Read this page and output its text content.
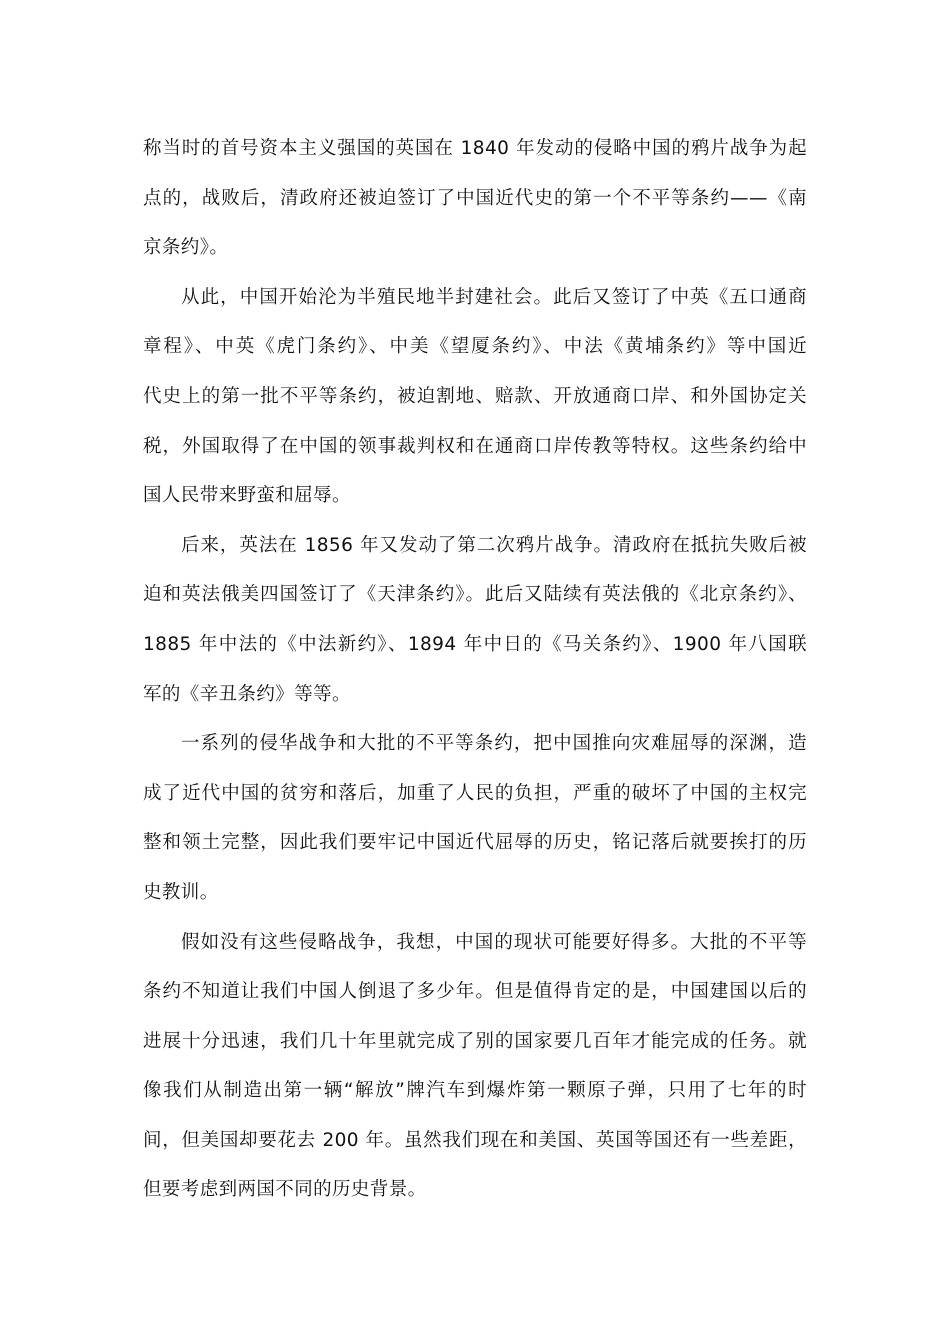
称当时的首号资本主义强国的英国在 1840 年发动的侵略中国的鸦片战争为起
点的，战败后，清政府还被迫签订了中国近代史的第一个不平等条约——《南
京条约》。
从此，中国开始沦为半殖民地半封建社会。此后又签订了中英《五口通商
章程》、中英《虎门条约》、中美《望厦条约》、中法《黄埔条约》等中国近
代史上的第一批不平等条约，被迫割地、赔款、开放通商口岸、和外国协定关
税，外国取得了在中国的领事裁判权和在通商口岸传教等特权。这些条约给中
国人民带来野蛮和屈辱。
后来，英法在 1856 年又发动了第二次鸦片战争。清政府在抵抗失败后被
迫和英法俄美四国签订了《天津条约》。此后又陆续有英法俄的《北京条约》、
1885 年中法的《中法新约》、1894 年中日的《马关条约》、1900 年八国联
军的《辛丑条约》等等。
一系列的侵华战争和大批的不平等条约，把中国推向灾难屈辱的深渊，造
成了近代中国的贫穷和落后，加重了人民的负担，严重的破坏了中国的主权完
整和领土完整，因此我们要牢记中国近代屈辱的历史，铭记落后就要挨打的历
史教训。
假如没有这些侵略战争，我想，中国的现状可能要好得多。大批的不平等
条约不知道让我们中国人倒退了多少年。但是值得肯定的是，中国建国以后的
进展十分迅速，我们几十年里就完成了别的国家要几百年才能完成的任务。就
像我们从制造出第一辆“解放”牌汽车到爆炸第一颗原子弹，只用了七年的时
间，但美国却要花去 200 年。虽然我们现在和美国、英国等国还有一些差距，
但要考虑到两国不同的历史背景。
